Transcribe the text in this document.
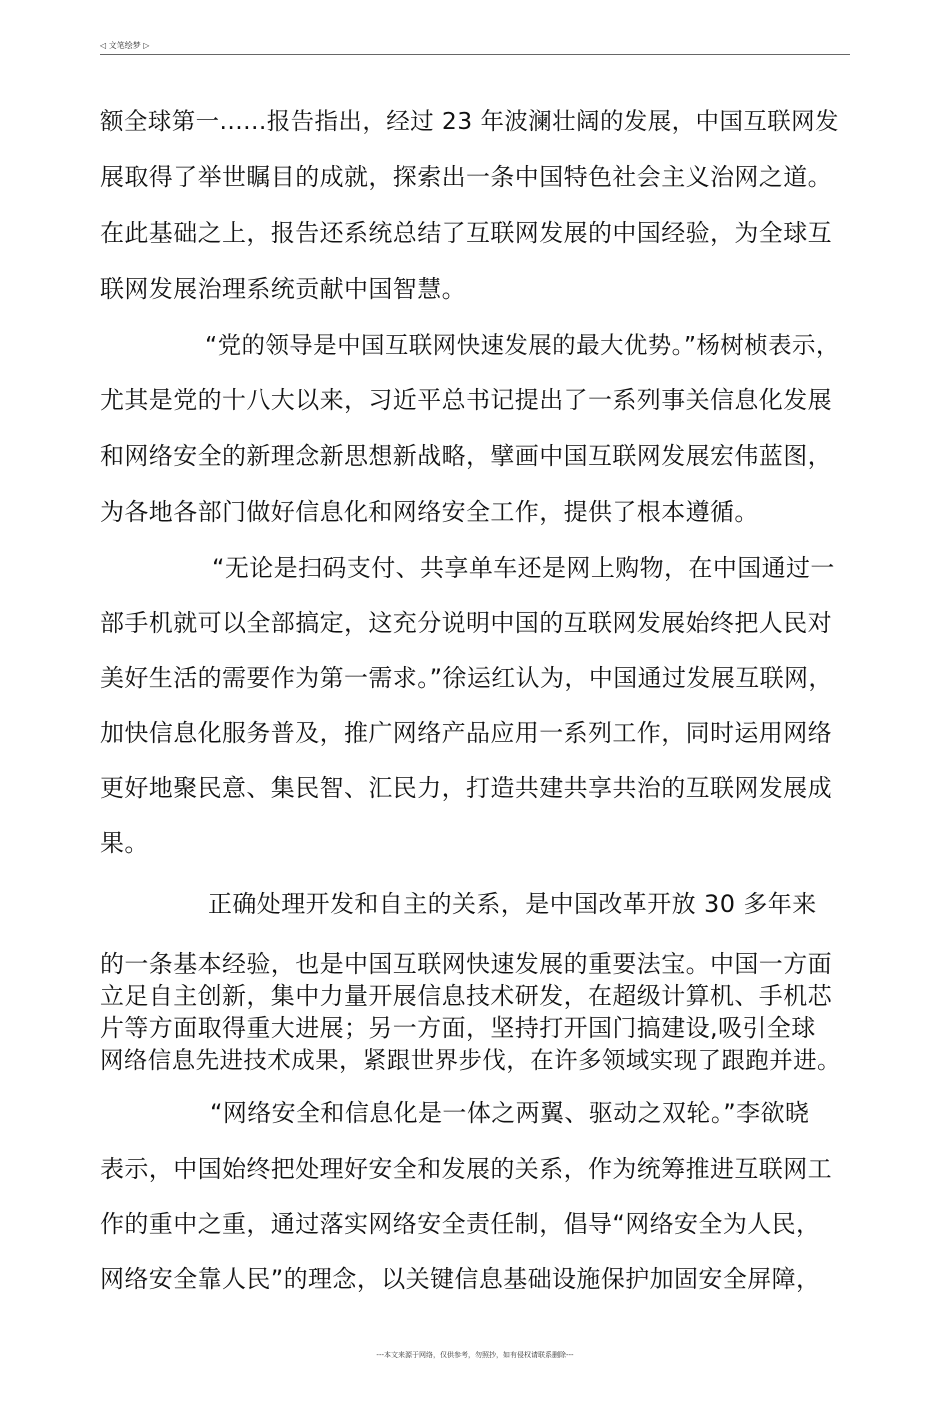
◁ 文笔绘梦 ▷
额全球第一......报告指出，经过 23 年波澜壮阔的发展，中国互联网发
展取得了举世瞩目的成就，探索出一条中国特色社会主义治网之道。
在此基础之上，报告还系统总结了互联网发展的中国经验，为全球互
联网发展治理系统贡献中国智慧。
“党的领导是中国互联网快速发展的最大优势。”杨树桢表示，
尤其是党的十八大以来，习近平总书记提出了一系列事关信息化发展
和网络安全的新理念新思想新战略，擘画中国互联网发展宏伟蓝图，
为各地各部门做好信息化和网络安全工作，提供了根本遵循。
“无论是扫码支付、共享单车还是网上购物，在中国通过一
部手机就可以全部搞定，这充分说明中国的互联网发展始终把人民对
美好生活的需要作为第一需求。”徐运红认为，中国通过发展互联网，
加快信息化服务普及，推广网络产品应用一系列工作，同时运用网络
更好地聚民意、集民智、汇民力，打造共建共享共治的互联网发展成
果。
正确处理开发和自主的关系，是中国改革开放 30 多年来
的一条基本经验，也是中国互联网快速发展的重要法宝。中国一方面
立足自主创新，集中力量开展信息技术研发，在超级计算机、手机芯
片等方面取得重大进展；另一方面，坚持打开国门搞建设,吸引全球
网络信息先进技术成果，紧跟世界步伐，在许多领域实现了跟跑并进。
“网络安全和信息化是一体之两翼、驱动之双轮。”李欲晓
表示，中国始终把处理好安全和发展的关系，作为统筹推进互联网工
作的重中之重，通过落实网络安全责任制，倡导“网络安全为人民，
网络安全靠人民”的理念，以关键信息基础设施保护加固安全屏障，
---本文来源于网络，仅供参考，勿照抄，如有侵权请联系删除---
